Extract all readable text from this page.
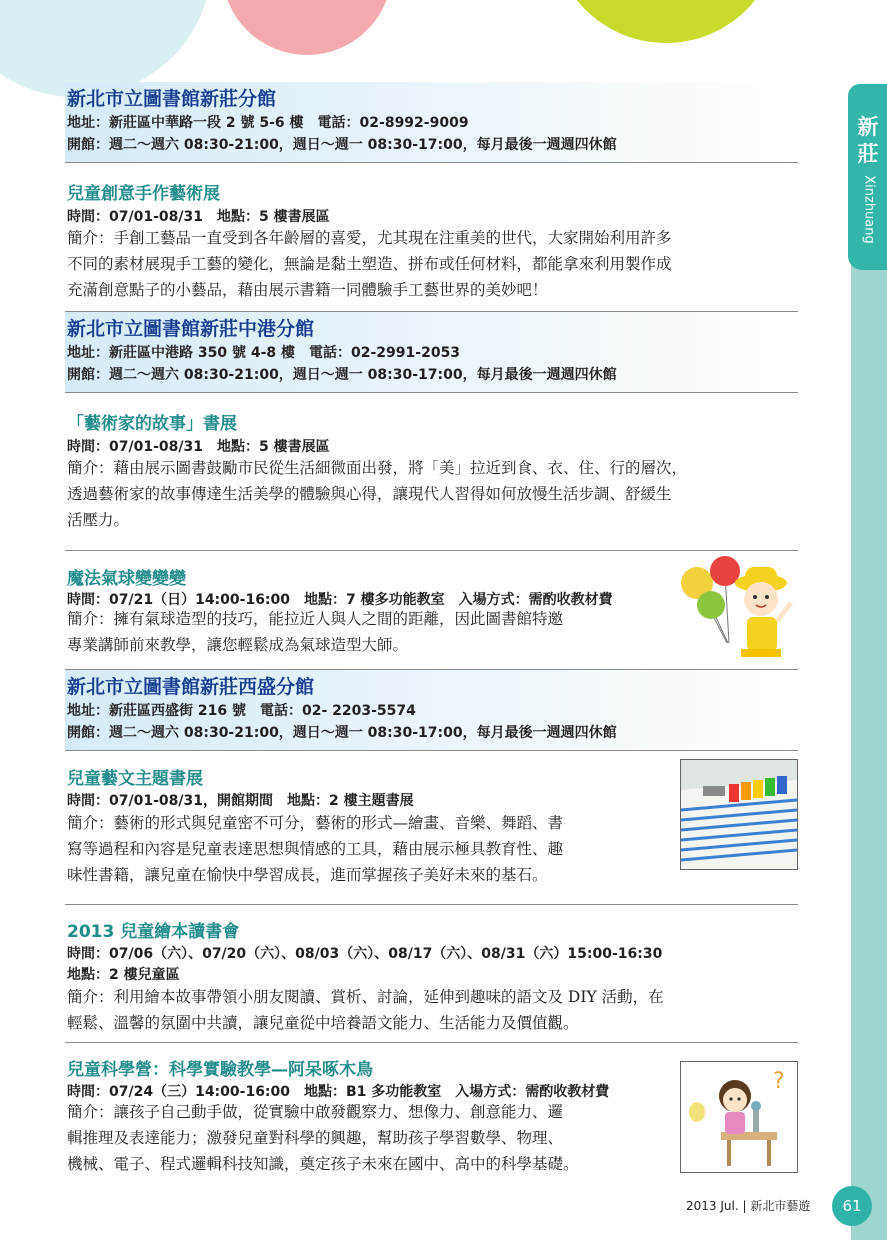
新莊
Xinzhuang
新北市立圖書館新莊分館
地址：新莊區中華路一段 2 號 5-6 樓　電話：02-8992-9009
開館：週二～週六 08:30-21:00，週日～週一 08:30-17:00，每月最後一週週四休館
兒童創意手作藝術展
時間：07/01-08/31　地點：5 樓書展區
簡介：手創工藝品一直受到各年齡層的喜愛，尤其現在注重美的世代，大家開始利用許多
不同的素材展現手工藝的變化，無論是黏土塑造、拼布或任何材料，都能拿來利用製作成
充滿創意點子的小藝品，藉由展示書籍一同體驗手工藝世界的美妙吧！
新北市立圖書館新莊中港分館
地址：新莊區中港路 350 號 4-8 樓　電話：02-2991-2053
開館：週二～週六 08:30-21:00，週日～週一 08:30-17:00，每月最後一週週四休館
「藝術家的故事」書展
時間：07/01-08/31　地點：5 樓書展區
簡介：藉由展示圖書鼓勵市民從生活細微面出發，將「美」拉近到食、衣、住、行的層次，
透過藝術家的故事傳達生活美學的體驗與心得，讓現代人習得如何放慢生活步調、舒緩生
活壓力。
魔法氣球變變變
時間：07/21（日）14:00-16:00　地點：7 樓多功能教室　入場方式：需酌收教材費
簡介：擁有氣球造型的技巧，能拉近人與人之間的距離，因此圖書館特邀
專業講師前來教學，讓您輕鬆成為氣球造型大師。
新北市立圖書館新莊西盛分館
地址：新莊區西盛街 216 號　電話：02- 2203-5574
開館：週二～週六 08:30-21:00，週日～週一 08:30-17:00，每月最後一週週四休館
兒童藝文主題書展
時間：07/01-08/31，開館期間　地點：2 樓主題書展
簡介：藝術的形式與兒童密不可分，藝術的形式—繪畫、音樂、舞蹈、書
寫等過程和內容是兒童表達思想與情感的工具，藉由展示極具教育性、趣
味性書籍，讓兒童在愉快中學習成長，進而掌握孩子美好未來的基石。
2013 兒童繪本讀書會
時間：07/06（六）、07/20（六）、08/03（六）、08/17（六）、08/31（六）15:00-16:30
地點：2 樓兒童區
簡介：利用繪本故事帶領小朋友閱讀、賞析、討論，延伸到趣味的語文及 DIY 活動，在
輕鬆、溫馨的氛圍中共讀，讓兒童從中培養語文能力、生活能力及價值觀。
兒童科學營：科學實驗教學—阿呆啄木鳥
時間：07/24（三）14:00-16:00　地點：B1 多功能教室　入場方式：需酌收教材費
簡介：讓孩子自己動手做，從實驗中啟發觀察力、想像力、創意能力、邏
輯推理及表達能力；激發兒童對科學的興趣，幫助孩子學習數學、物理、
機械、電子、程式邏輯科技知識，奠定孩子未來在國中、高中的科學基礎。
?
2013 Jul. | 新北市藝遊	61
